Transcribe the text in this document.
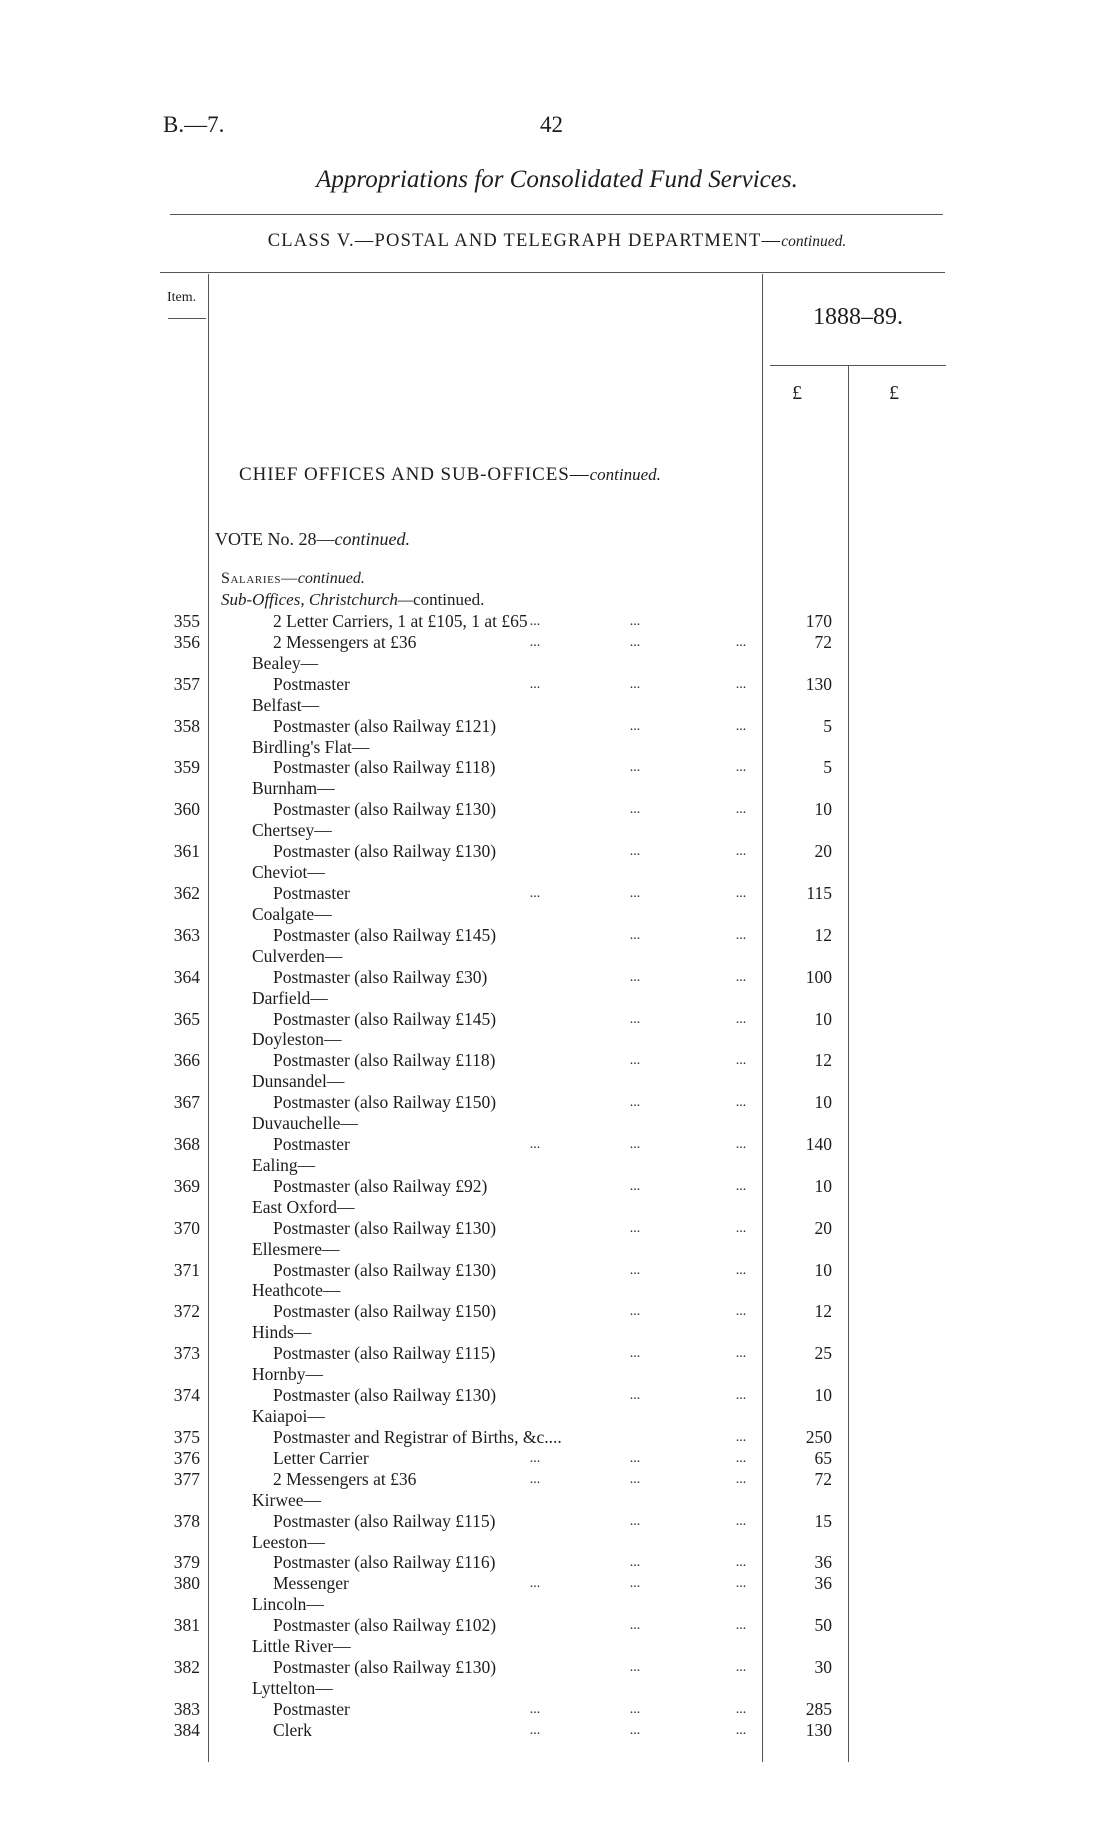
B.—7.	42
Appropriations for Consolidated Fund Services.
CLASS V.—POSTAL AND TELEGRAPH DEPARTMENT—continued.
Item.
1888–89.
£	£
CHIEF OFFICES AND SUB-OFFICES—continued.
VOTE No. 28—continued.
Salaries—continued.
Sub-Offices, Christchurch—continued.
355	2 Letter Carriers, 1 at £105, 1 at £65 ...	...	170
356	2 Messengers at £36	...	...	...	72
Bealey—
357	Postmaster	...	...	...	130
Belfast—
358	Postmaster (also Railway £121)	...	...	5
Birdling's Flat—
359	Postmaster (also Railway £118)	...	...	5
Burnham—
360	Postmaster (also Railway £130)	...	...	10
Chertsey—
361	Postmaster (also Railway £130)	...	...	20
Cheviot—
362	Postmaster	...	...	...	115
Coalgate—
363	Postmaster (also Railway £145)	...	...	12
Culverden—
364	Postmaster (also Railway £30)	...	...	100
Darfield—
365	Postmaster (also Railway £145)	...	...	10
Doyleston—
366	Postmaster (also Railway £118)	...	...	12
Dunsandel—
367	Postmaster (also Railway £150)	...	...	10
Duvauchelle—
368	Postmaster	...	...	...	140
Ealing—
369	Postmaster (also Railway £92)	...	...	10
East Oxford—
370	Postmaster (also Railway £130)	...	...	20
Ellesmere—
371	Postmaster (also Railway £130)	...	...	10
Heathcote—
372	Postmaster (also Railway £150)	...	...	12
Hinds—
373	Postmaster (also Railway £115)	...	...	25
Hornby—
374	Postmaster (also Railway £130)	...	...	10
Kaiapoi—
375	Postmaster and Registrar of Births, &c....	...	250
376	Letter Carrier	...	...	...	65
377	2 Messengers at £36	...	...	...	72
Kirwee—
378	Postmaster (also Railway £115)	...	...	15
Leeston—
379	Postmaster (also Railway £116)	...	...	36
380	Messenger	...	...	...	36
Lincoln—
381	Postmaster (also Railway £102)	...	...	50
Little River—
382	Postmaster (also Railway £130)	...	...	30
Lyttelton—
383	Postmaster	...	...	...	285
384	Clerk	...	...	...	130
